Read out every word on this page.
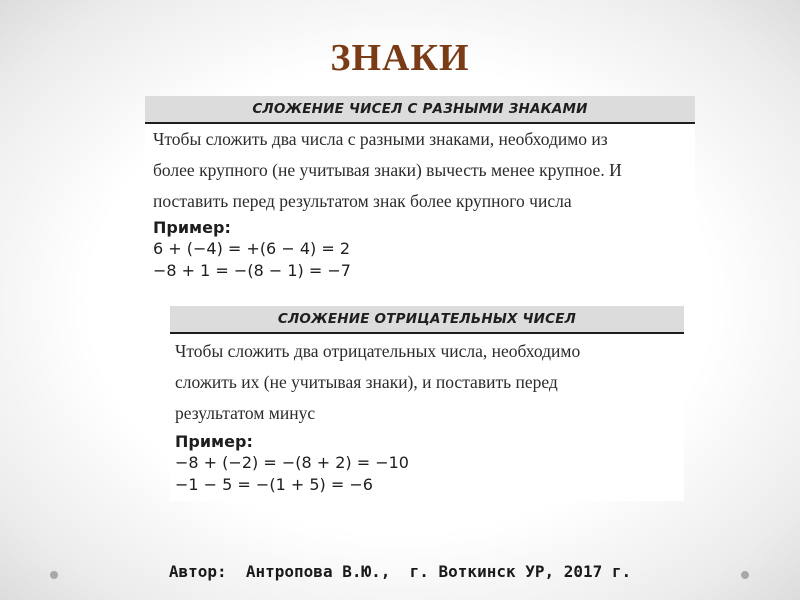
ЗНАКИ
СЛОЖЕНИЕ ЧИСЕЛ С РАЗНЫМИ ЗНАКАМИ
Чтобы сложить два числа с разными знаками, необходимо из
более крупного (не учитывая знаки) вычесть менее крупное. И
поставить перед результатом знак более крупного числа
Пример:
6 + (−4) = +(6 − 4) = 2
−8 + 1 = −(8 − 1) = −7
СЛОЖЕНИЕ ОТРИЦАТЕЛЬНЫХ ЧИСЕЛ
Чтобы сложить два отрицательных числа, необходимо
сложить их (не учитывая знаки), и поставить перед
результатом минус
Пример:
−8 + (−2) = −(8 + 2) = −10
−1 − 5 = −(1 + 5) = −6
Автор:  Антропова В.Ю.,  г. Воткинск УР, 2017 г.
